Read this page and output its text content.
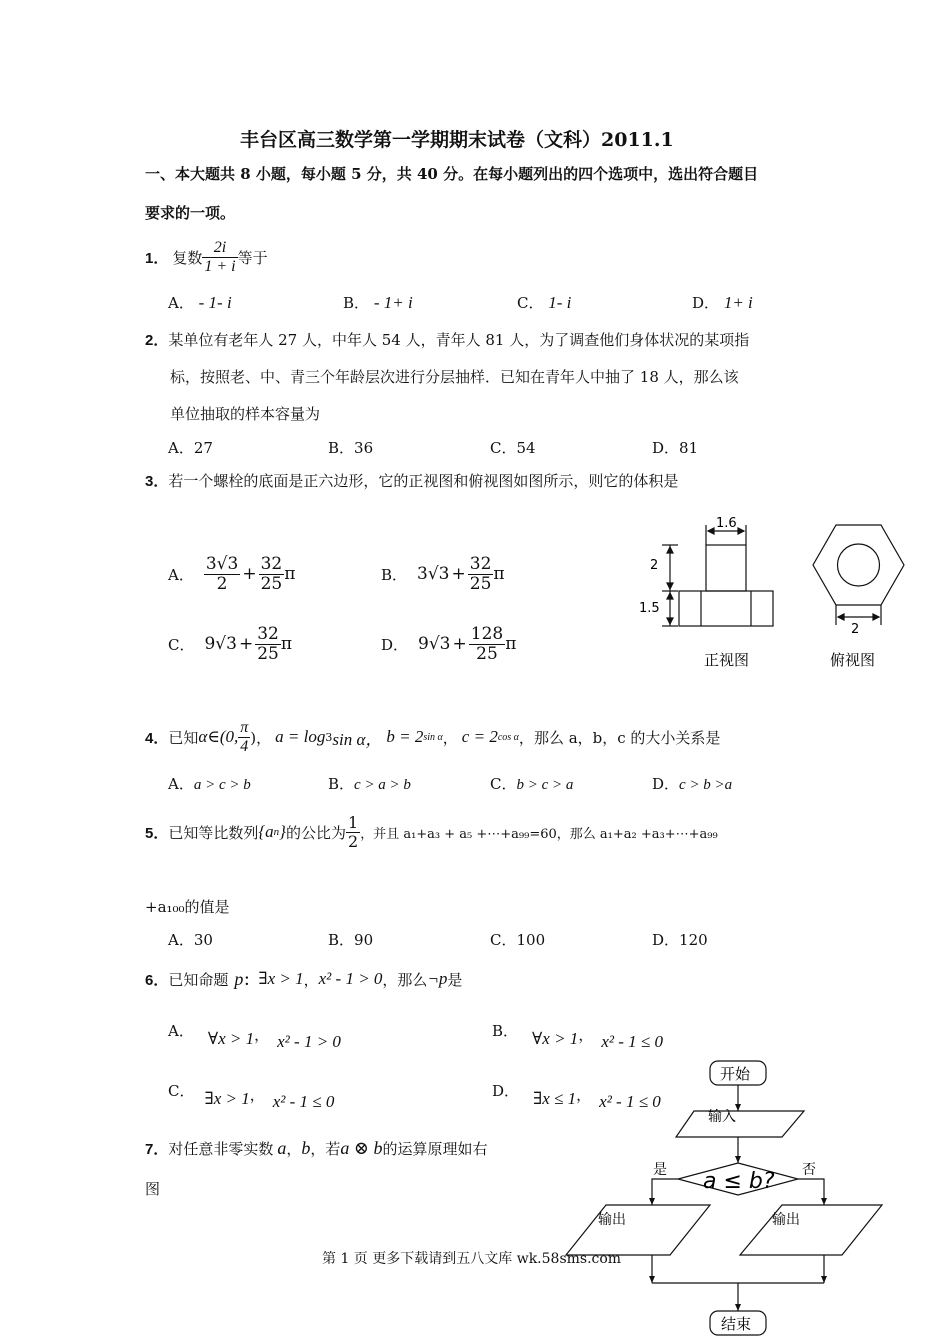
丰台区高三数学第一学期期末试卷（文科）2011.1
一、本大题共 8 小题，每小题 5 分，共 40 分。在每小题列出的四个选项中，选出符合题目
要求的一项。
1． 复数 $\frac{2i}{1 + i}$ 等于
A． - 1- i	B． - 1+ i	C． 1- i	D． 1+ i
2．某单位有老年人 27 人，中年人 54 人，青年人 81 人，为了调查他们身体状况的某项指
标，按照老、中、青三个年龄层次进行分层抽样．已知在青年人中抽了 18 人，那么该
单位抽取的样本容量为
A．27	B．36	C．54	D．81
3．若一个螺栓的底面是正六边形，它的正视图和俯视图如图所示，则它的体积是
A． $\frac{3√3}{2} + \frac{32}{25}$ π	B． $3√3 + \frac{32}{25}$ π
C． $9√3 + \frac{32}{25}$ π	D． $9√3 + \frac{128}{25}$ π
1.6
2
1.5
2
正视图	俯视图
4． 已知 α∈(0, $\frac{\pi}{4}$ )， a = log 3 sin α， b = 2 sin α ， c = 2 cos α ， 那么 a，b，c 的大小关系是
A．a > c > b	B．c > a > b	C．b > c > a	D．c > b >a
5． 已知等比数列 {a n } 的公比为 $\frac{1}{2}$ ，并且 a₁+a₃ + a₅ +⋯+a₉₉=60，那么 a₁+a₂ +a₃+⋯+a₉₉
+a₁₀₀的值是
A．30	B．90	C．100	D．120
6． 已知命题 p ： ∃x > 1 ， x² - 1 > 0 ，那么 ¬p 是
A． ∀x > 1 ， x² - 1 > 0
B． ∀x > 1 ， x² - 1 ≤ 0
C． ∃x > 1 ， x² - 1 ≤ 0
D． ∃x ≤ 1 ， x² - 1 ≤ 0
7． 对任意非零实数 a ， b ，若 a ⊗ b 的运算原理如右
图
开始
输入
a ≤ b?
是	否
输出	输出
结束
第 1 页 更多下载请到五八文库 wk.58sms.com
